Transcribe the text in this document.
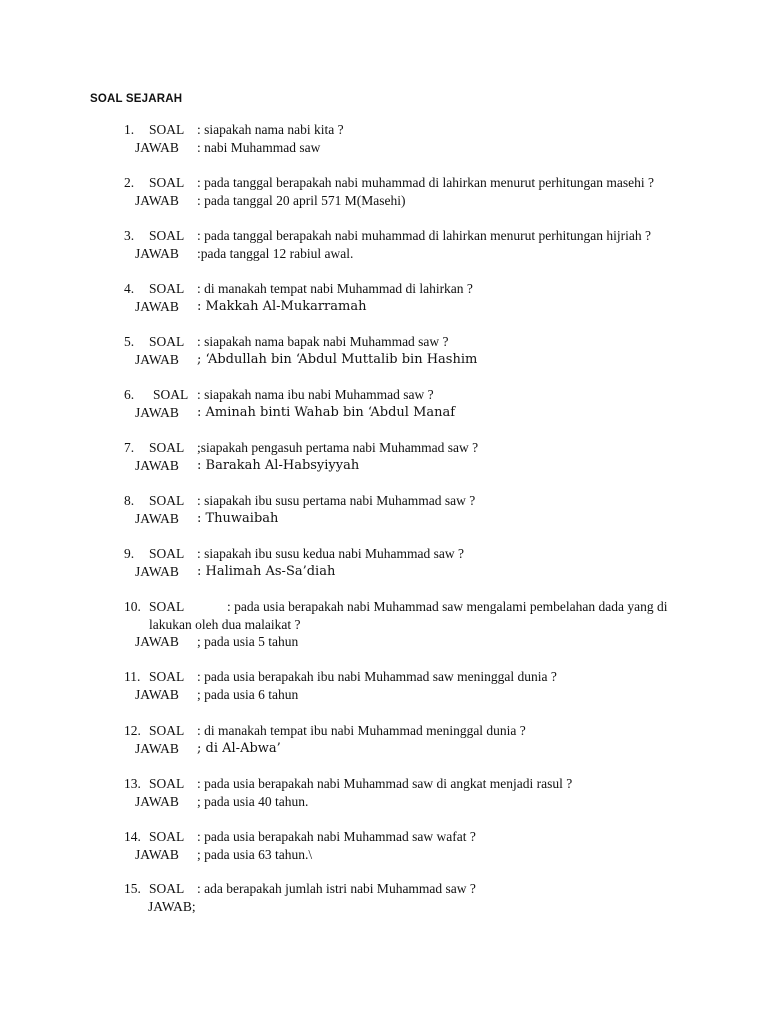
SOAL SEJARAH
1. SOAL : siapakah nama nabi kita ?
JAWAB : nabi Muhammad saw
2. SOAL : pada tanggal berapakah nabi muhammad di lahirkan menurut perhitungan masehi ?
JAWAB : pada tanggal 20 april 571 M(Masehi)
3. SOAL : pada tanggal berapakah nabi muhammad di lahirkan menurut perhitungan hijriah ?
JAWAB :pada tanggal 12 rabiul awal.
4. SOAL : di manakah tempat nabi Muhammad di lahirkan ?
JAWAB : Makkah Al-Mukarramah
5. SOAL : siapakah nama bapak nabi Muhammad saw ?
JAWAB ; ‘Abdullah bin ‘Abdul Muttalib bin Hashim
6. SOAL : siapakah nama ibu nabi Muhammad saw ?
JAWAB : Aminah binti Wahab bin ‘Abdul Manaf
7. SOAL ;siapakah pengasuh pertama nabi Muhammad saw ?
JAWAB : Barakah Al-Habsyiyyah
8. SOAL : siapakah ibu susu pertama nabi Muhammad saw ?
JAWAB : Thuwaibah
9. SOAL : siapakah ibu susu kedua nabi Muhammad saw ?
JAWAB : Halimah As-Sa’diah
10. SOAL	: pada usia berapakah nabi Muhammad saw mengalami pembelahan dada yang di
lakukan oleh dua malaikat ?
JAWAB ; pada usia 5 tahun
11. SOAL : pada usia berapakah ibu nabi Muhammad saw meninggal dunia ?
JAWAB ; pada usia 6 tahun
12. SOAL : di manakah tempat ibu nabi Muhammad meninggal dunia ?
JAWAB ; di Al-Abwa’
13. SOAL : pada usia berapakah nabi Muhammad saw di angkat menjadi rasul ?
JAWAB ; pada usia 40 tahun.
14. SOAL : pada usia berapakah nabi Muhammad saw wafat ?
JAWAB ; pada usia 63 tahun.\
15. SOAL : ada berapakah jumlah istri nabi Muhammad saw ?
JAWAB;
